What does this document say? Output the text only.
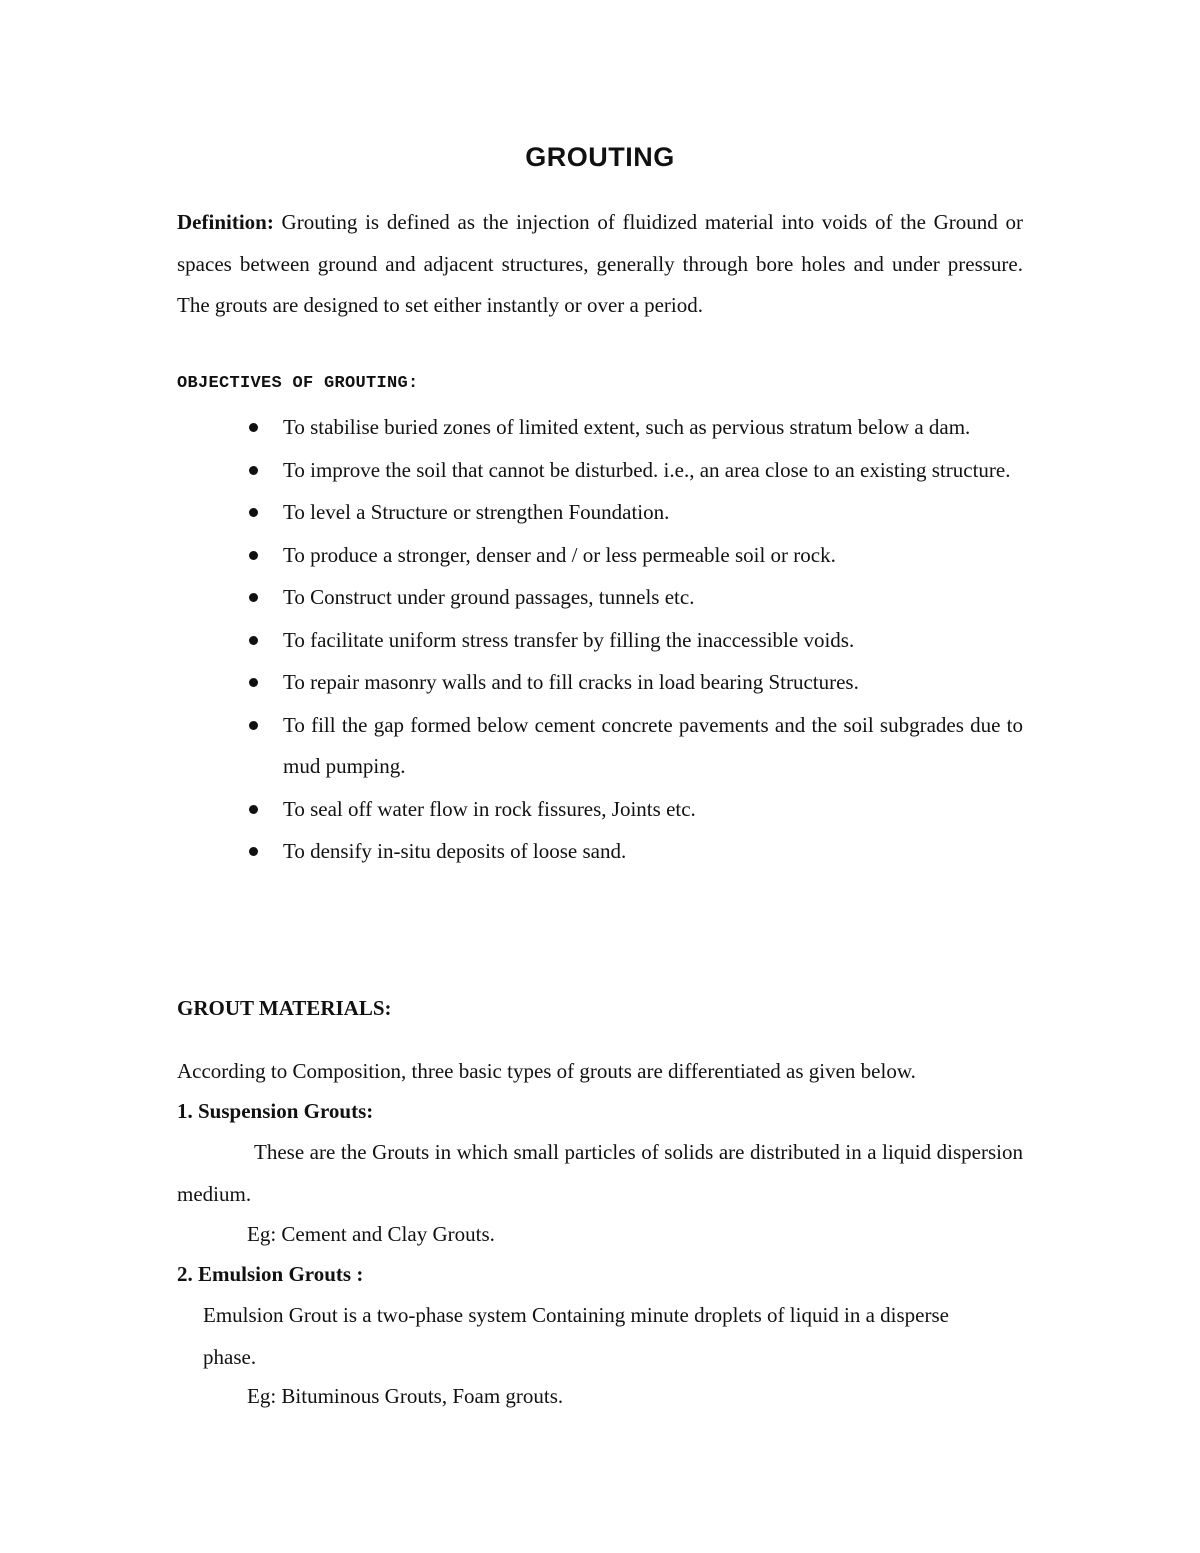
GROUTING
Definition: Grouting is defined as the injection of fluidized material into voids of the Ground or spaces between ground and adjacent structures, generally through bore holes and under pressure. The grouts are designed to set either instantly or over a period.
OBJECTIVES OF GROUTING:
To stabilise buried zones of limited extent, such as pervious stratum below a dam.
To improve the soil that cannot be disturbed. i.e., an area close to an existing structure.
To level a Structure or strengthen Foundation.
To produce a stronger, denser and / or less permeable soil or rock.
To Construct under ground passages, tunnels etc.
To facilitate uniform stress transfer by filling the inaccessible voids.
To repair masonry walls and to fill cracks in load bearing Structures.
To fill the gap formed below cement concrete pavements and the soil subgrades due to mud pumping.
To seal off water flow in rock fissures, Joints etc.
To densify in-situ deposits of loose sand.
GROUT MATERIALS:
According to Composition, three basic types of grouts are differentiated as given below.
1. Suspension Grouts:
These are the Grouts in which small particles of solids are distributed in a liquid dispersion medium.
Eg: Cement and Clay Grouts.
2. Emulsion Grouts :
Emulsion Grout is a two-phase system Containing minute droplets of liquid in a disperse phase.
Eg: Bituminous Grouts, Foam grouts.
